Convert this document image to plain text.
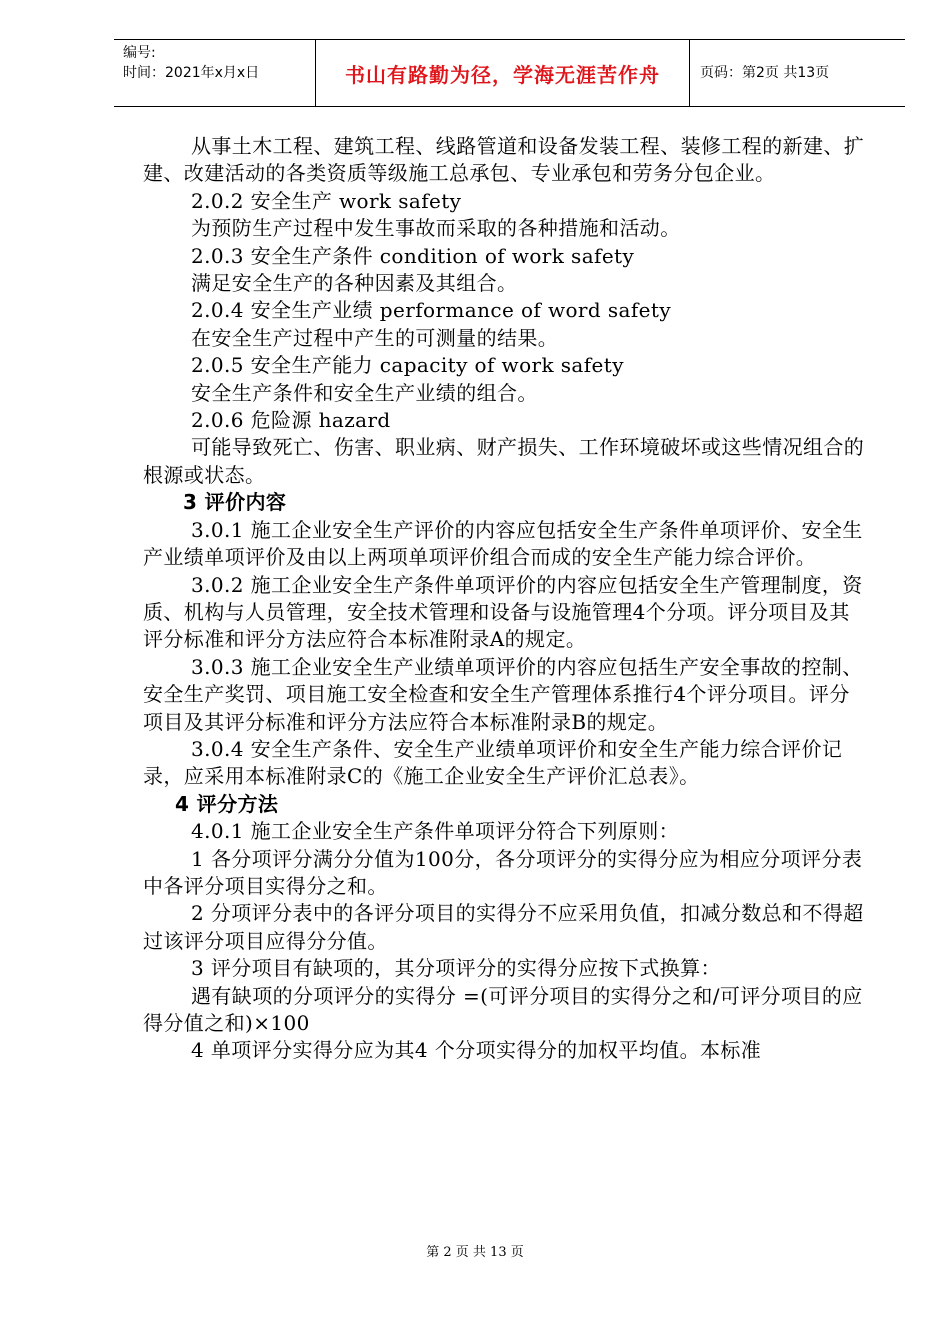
编号:
时间：2021年x月x日	书山有路勤为径，学海无涯苦作舟	页码：第2页 共13页

从事土木工程、建筑工程、线路管道和设备发装工程、装修工程的新建、扩建、改建活动的各类资质等级施工总承包、专业承包和劳务分包企业。

2.0.2 安全生产 work safety

为预防生产过程中发生事故而采取的各种措施和活动。

2.0.3 安全生产条件 condition of work safety

满足安全生产的各种因素及其组合。

2.0.4 安全生产业绩 performance of word safety

在安全生产过程中产生的可测量的结果。

2.0.5 安全生产能力 capacity of work safety

安全生产条件和安全生产业绩的组合。

2.0.6 危险源 hazard

可能导致死亡、伤害、职业病、财产损失、工作环境破坏或这些情况组合的根源或状态。

3 评价内容

3.0.1 施工企业安全生产评价的内容应包括安全生产条件单项评价、安全生产业绩单项评价及由以上两项单项评价组合而成的安全生产能力综合评价。

3.0.2 施工企业安全生产条件单项评价的内容应包括安全生产管理制度，资质、机构与人员管理，安全技术管理和设备与设施管理4个分项。评分项目及其评分标准和评分方法应符合本标准附录A的规定。

3.0.3 施工企业安全生产业绩单项评价的内容应包括生产安全事故的控制、安全生产奖罚、项目施工安全检查和安全生产管理体系推行4个评分项目。评分项目及其评分标准和评分方法应符合本标准附录B的规定。

3.0.4 安全生产条件、安全生产业绩单项评价和安全生产能力综合评价记录，应采用本标准附录C的《施工企业安全生产评价汇总表》。

4 评分方法

4.0.1 施工企业安全生产条件单项评分符合下列原则：

1 各分项评分满分分值为100分，各分项评分的实得分应为相应分项评分表中各评分项目实得分之和。

2 分项评分表中的各评分项目的实得分不应采用负值，扣减分数总和不得超过该评分项目应得分分值。

3 评分项目有缺项的，其分项评分的实得分应按下式换算：

遇有缺项的分项评分的实得分 =(可评分项目的实得分之和/可评分项目的应得分值之和)×100

4 单项评分实得分应为其4 个分项实得分的加权平均值。本标准

第 2 页 共 13 页
